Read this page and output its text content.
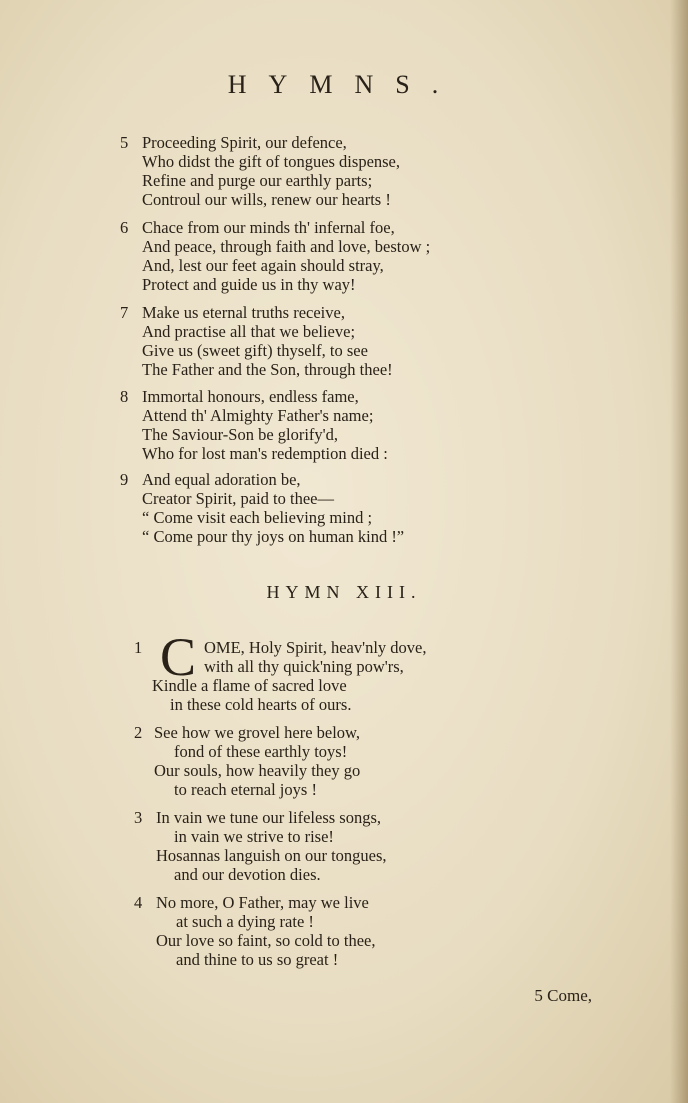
HYMNS.
5 Proceeding Spirit, our defence,
Who didst the gift of tongues dispense,
Refine and purge our earthly parts;
Controul our wills, renew our hearts !
6 Chace from our minds th' infernal foe,
And peace, through faith and love, bestow ;
And, lest our feet again should stray,
Protect and guide us in thy way!
7 Make us eternal truths receive,
And practise all that we believe;
Give us (sweet gift) thyself, to see
The Father and the Son, through thee!
8 Immortal honours, endless fame,
Attend th' Almighty Father's name;
The Saviour-Son be glorify'd,
Who for lost man's redemption died :
9 And equal adoration be,
Creator Spirit, paid to thee—
“ Come visit each believing mind ;
“ Come pour thy joys on human kind !”
HYMN XIII.
C
1	OME, Holy Spirit, heav'nly dove,
with all thy quick'ning pow'rs,
Kindle a flame of sacred love
in these cold hearts of ours.
2 See how we grovel here below,
fond of these earthly toys!
Our souls, how heavily they go
to reach eternal joys !
3 In vain we tune our lifeless songs,
in vain we strive to rise!
Hosannas languish on our tongues,
and our devotion dies.
4 No more, O Father, may we live
at such a dying rate !
Our love so faint, so cold to thee,
and thine to us so great !
5 Come,
